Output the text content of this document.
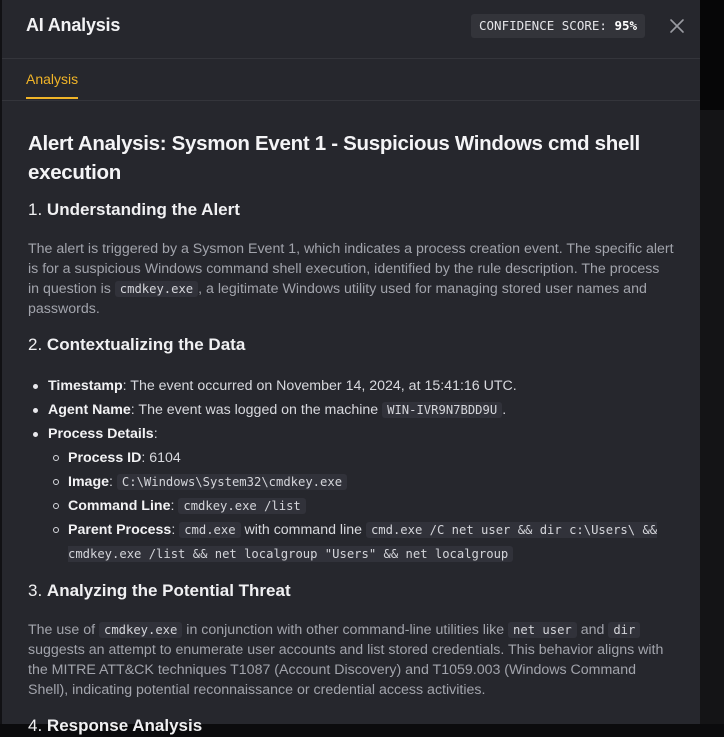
AI Analysis	CONFIDENCE SCORE: 95%
Analysis
Alert Analysis: Sysmon Event 1 - Suspicious Windows cmd shell execution
1. Understanding the Alert

The alert is triggered by a Sysmon Event 1, which indicates a process creation event. The specific alert is for a suspicious Windows command shell execution, identified by the rule description. The process in question is cmdkey.exe , a legitimate Windows utility used for managing stored user names and passwords.

2. Contextualizing the Data
Timestamp: The event occurred on November 14, 2024, at 15:41:16 UTC.
Agent Name: The event was logged on the machine WIN-IVR9N7BDD9U .
Process Details:
Process ID: 6104
Image: C:\Windows\System32\cmdkey.exe
Command Line: cmdkey.exe /list
Parent Process: cmd.exe with command line cmd.exe /C net user && dir c:\Users\ && cmdkey.exe /list && net localgroup "Users" && net localgroup
3. Analyzing the Potential Threat

The use of cmdkey.exe in conjunction with other command-line utilities like net user and dir suggests an attempt to enumerate user accounts and list stored credentials. This behavior aligns with the MITRE ATT&CK techniques T1087 (Account Discovery) and T1059.003 (Windows Command Shell), indicating potential reconnaissance or credential access activities.

4. Response Analysis
